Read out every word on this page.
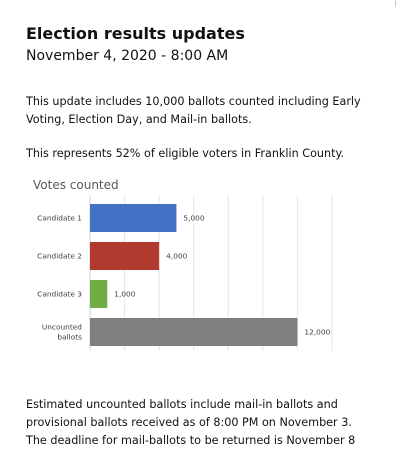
Election results updates
November 4, 2020 - 8:00 AM
This update includes 10,000 ballots counted including Early Voting, Election Day, and Mail-in ballots.
This represents 52% of eligible voters in Franklin County.
Votes counted
Candidate 1	5,000
Candidate 2	4,000
Candidate 3	1,000
Uncounted ballots
12,000
Estimated uncounted ballots include mail-in ballots and provisional ballots received as of 8:00 PM on November 3.
The deadline for mail-ballots to be returned is November 8
